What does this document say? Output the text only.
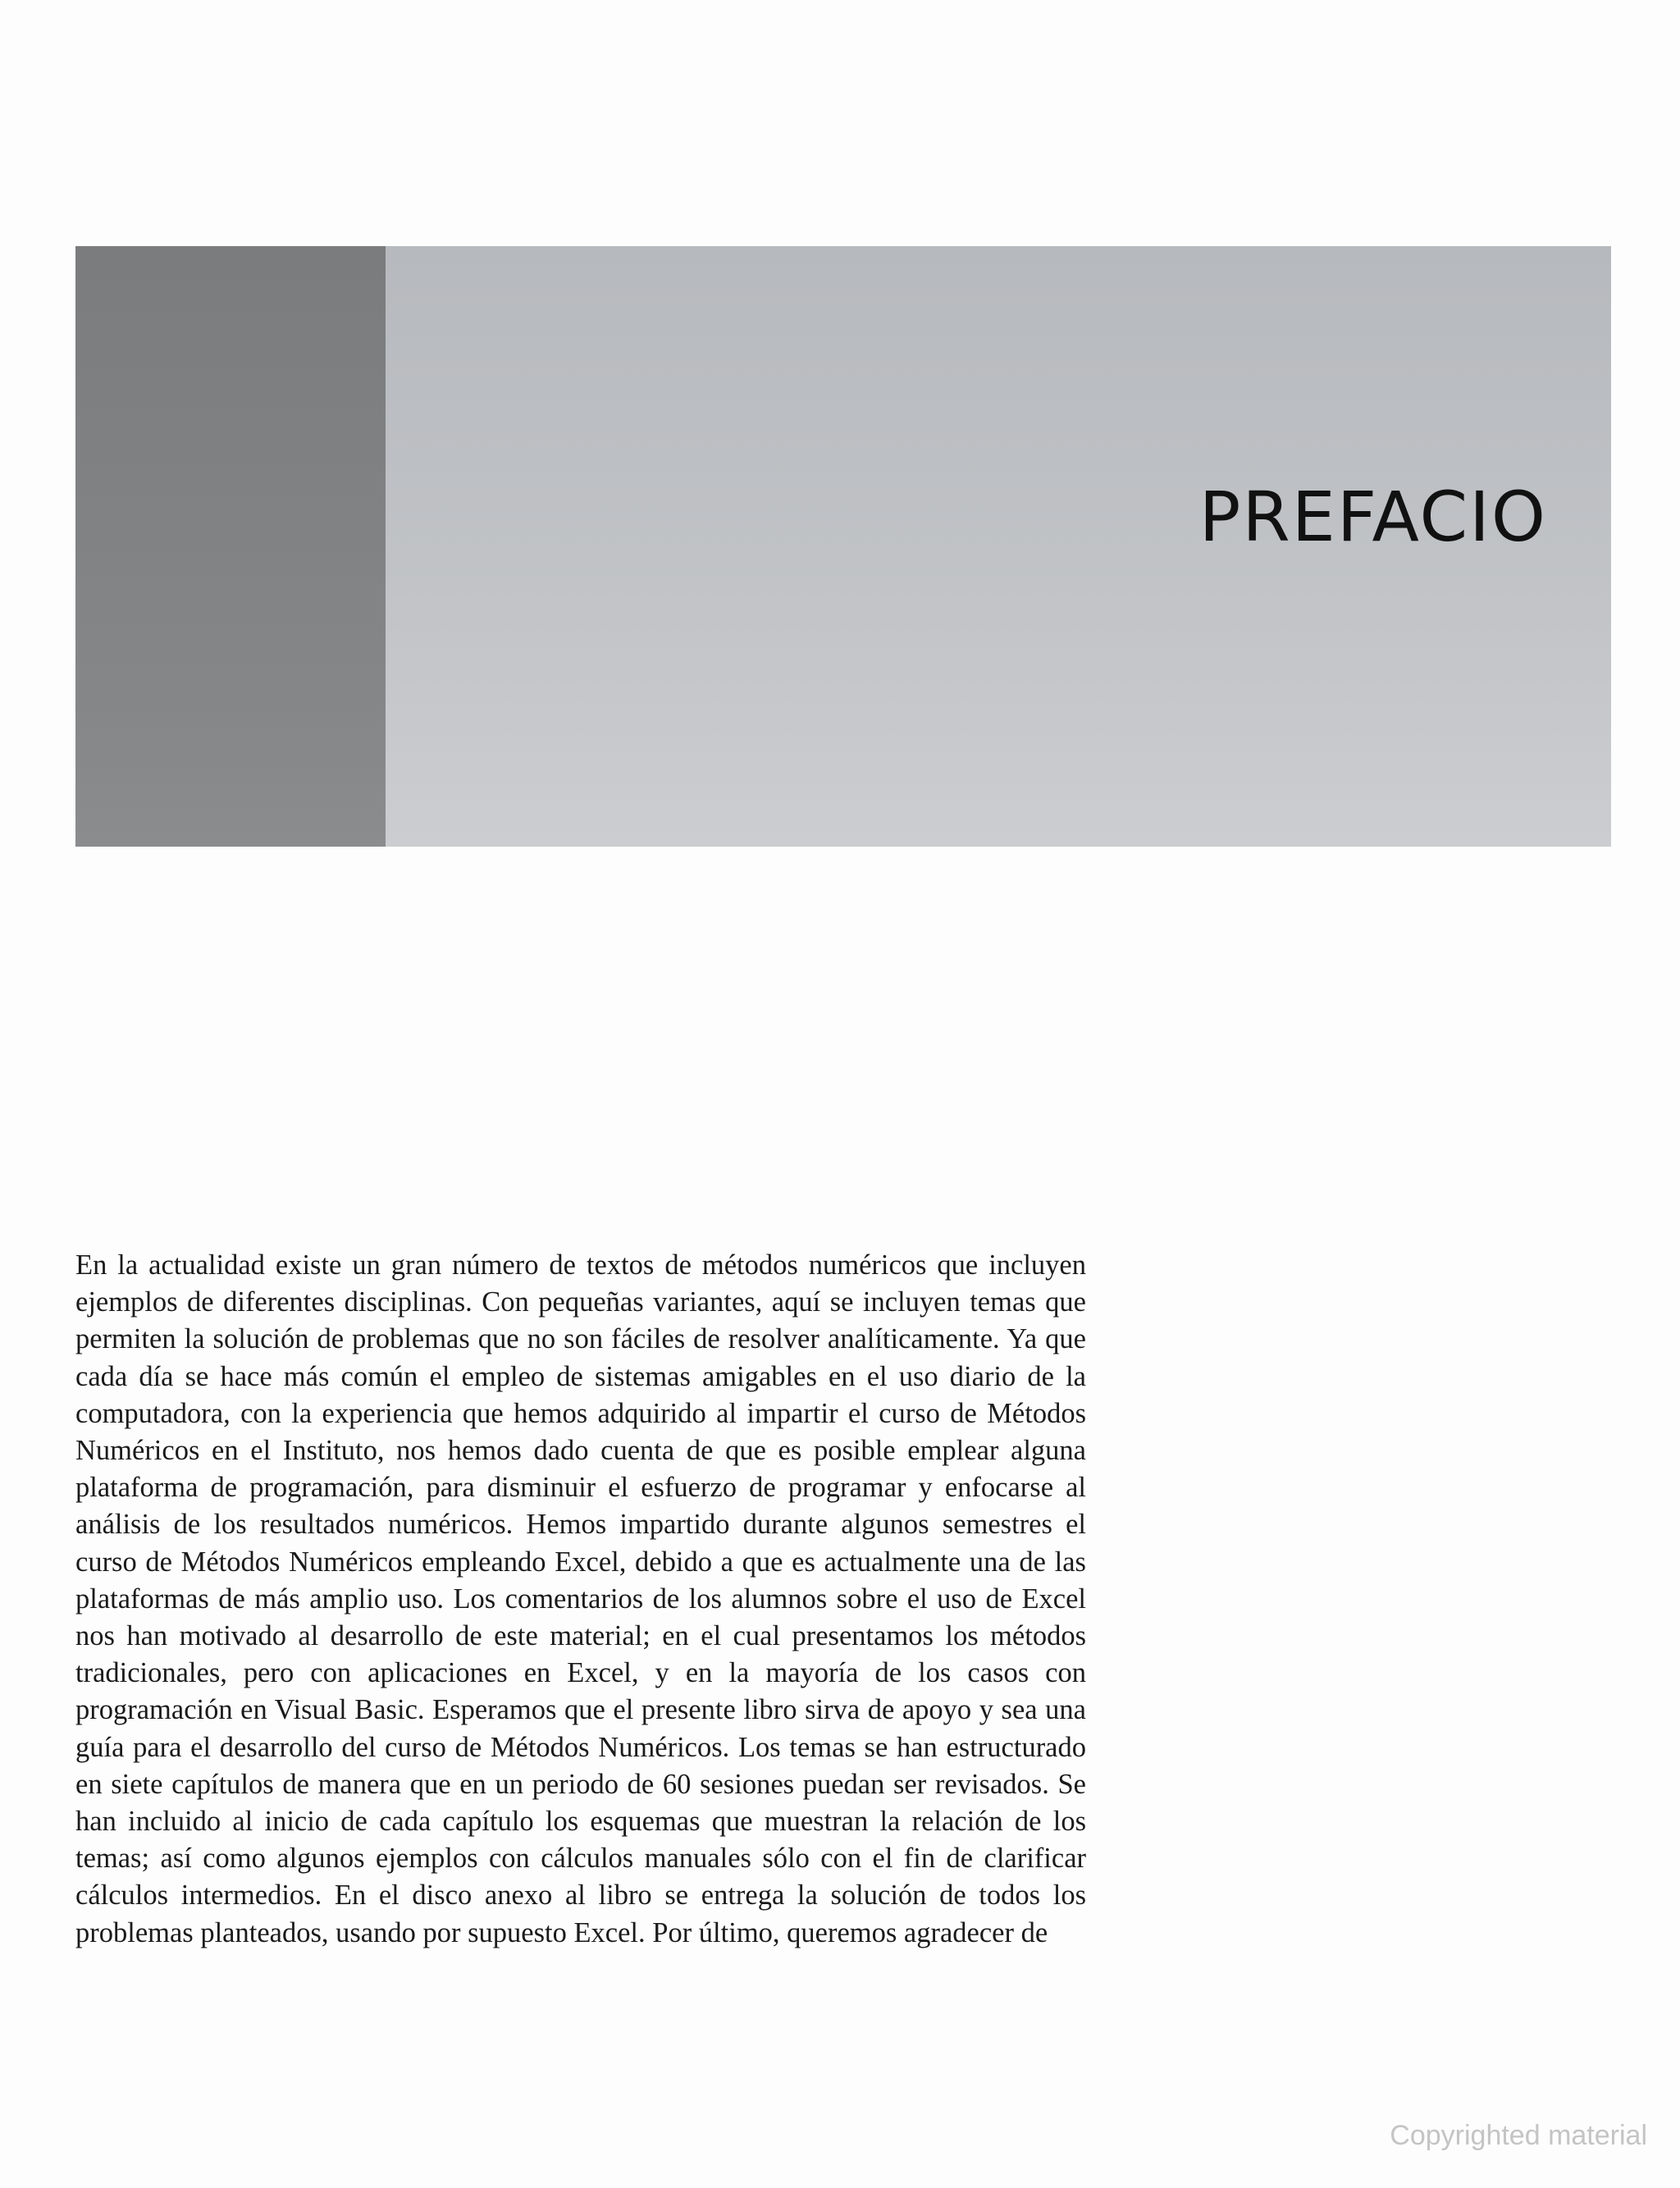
PREFACIO

En la actualidad existe un gran número de textos de métodos numéricos que incluyen ejemplos de diferentes disciplinas. Con pequeñas variantes, aquí se incluyen temas que permiten la solución de problemas que no son fáciles de resolver analíticamente. Ya que cada día se hace más común el empleo de sistemas amigables en el uso diario de la computadora, con la experiencia que hemos adquirido al impartir el curso de Métodos Numéricos en el Instituto, nos hemos dado cuenta de que es posible emplear alguna plataforma de programación, para disminuir el esfuerzo de programar y enfocarse al análisis de los resultados numéricos. Hemos impartido durante algunos semestres el curso de Métodos Numéricos empleando Excel, debido a que es actualmente una de las plataformas de más amplio uso. Los comentarios de los alumnos sobre el uso de Excel nos han motivado al desarrollo de este material; en el cual presentamos los métodos tradicionales, pero con aplicaciones en Excel, y en la mayoría de los casos con programación en Visual Basic. Esperamos que el presente libro sirva de apoyo y sea una guía para el desarrollo del curso de Métodos Numéricos. Los temas se han estructurado en siete capítulos de manera que en un periodo de 60 sesiones puedan ser revisados. Se han incluido al inicio de cada capítulo los esquemas que muestran la relación de los temas; así como algunos ejemplos con cálculos manuales sólo con el fin de clarificar cálculos intermedios. En el disco anexo al libro se entrega la solución de todos los problemas planteados, usando por supuesto Excel. Por último, queremos agradecer de

Copyrighted material
